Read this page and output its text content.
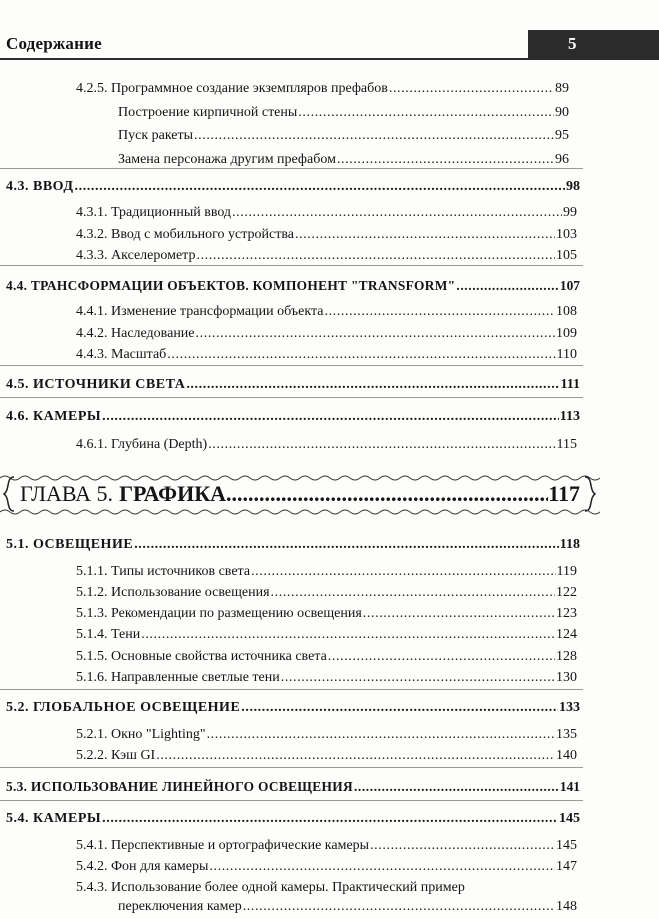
Содержание	5
4.2.5. Программное создание экземпляров префабов .....	89
Построение кирпичной стены .....	90
Пуск ракеты .....	95
Замена персонажа другим префабом .....	96
4.3. ВВОД .....	98
4.3.1. Традиционный ввод .....	99
4.3.2. Ввод с мобильного устройства .....	103
4.3.3. Акселерометр .....	105
4.4. ТРАНСФОРМАЦИИ ОБЪЕКТОВ. КОМПОНЕНТ "TRANSFORM" .....	107
4.4.1. Изменение трансформации объекта .....	108
4.4.2. Наследование .....	109
4.4.3. Масштаб .....	110
4.5. ИСТОЧНИКИ СВЕТА .....	111
4.6. КАМЕРЫ .....	113
4.6.1. Глубина (Depth) .....	115
ГЛАВА 5. ГРАФИКА .....	117
5.1. ОСВЕЩЕНИЕ .....	118
5.1.1. Типы источников света .....	119
5.1.2. Использование освещения .....	122
5.1.3. Рекомендации по размещению освещения .....	123
5.1.4. Тени .....	124
5.1.5. Основные свойства источника света .....	128
5.1.6. Направленные светлые тени .....	130
5.2. ГЛОБАЛЬНОЕ ОСВЕЩЕНИЕ .....	133
5.2.1. Окно "Lighting" .....	135
5.2.2. Кэш GI .....	140
5.3. ИСПОЛЬЗОВАНИЕ ЛИНЕЙНОГО ОСВЕЩЕНИЯ .....	141
5.4. КАМЕРЫ .....	145
5.4.1. Перспективные и ортографические камеры .....	145
5.4.2. Фон для камеры .....	147
5.4.3. Использование более одной камеры. Практический пример
переключения камер .....	148
